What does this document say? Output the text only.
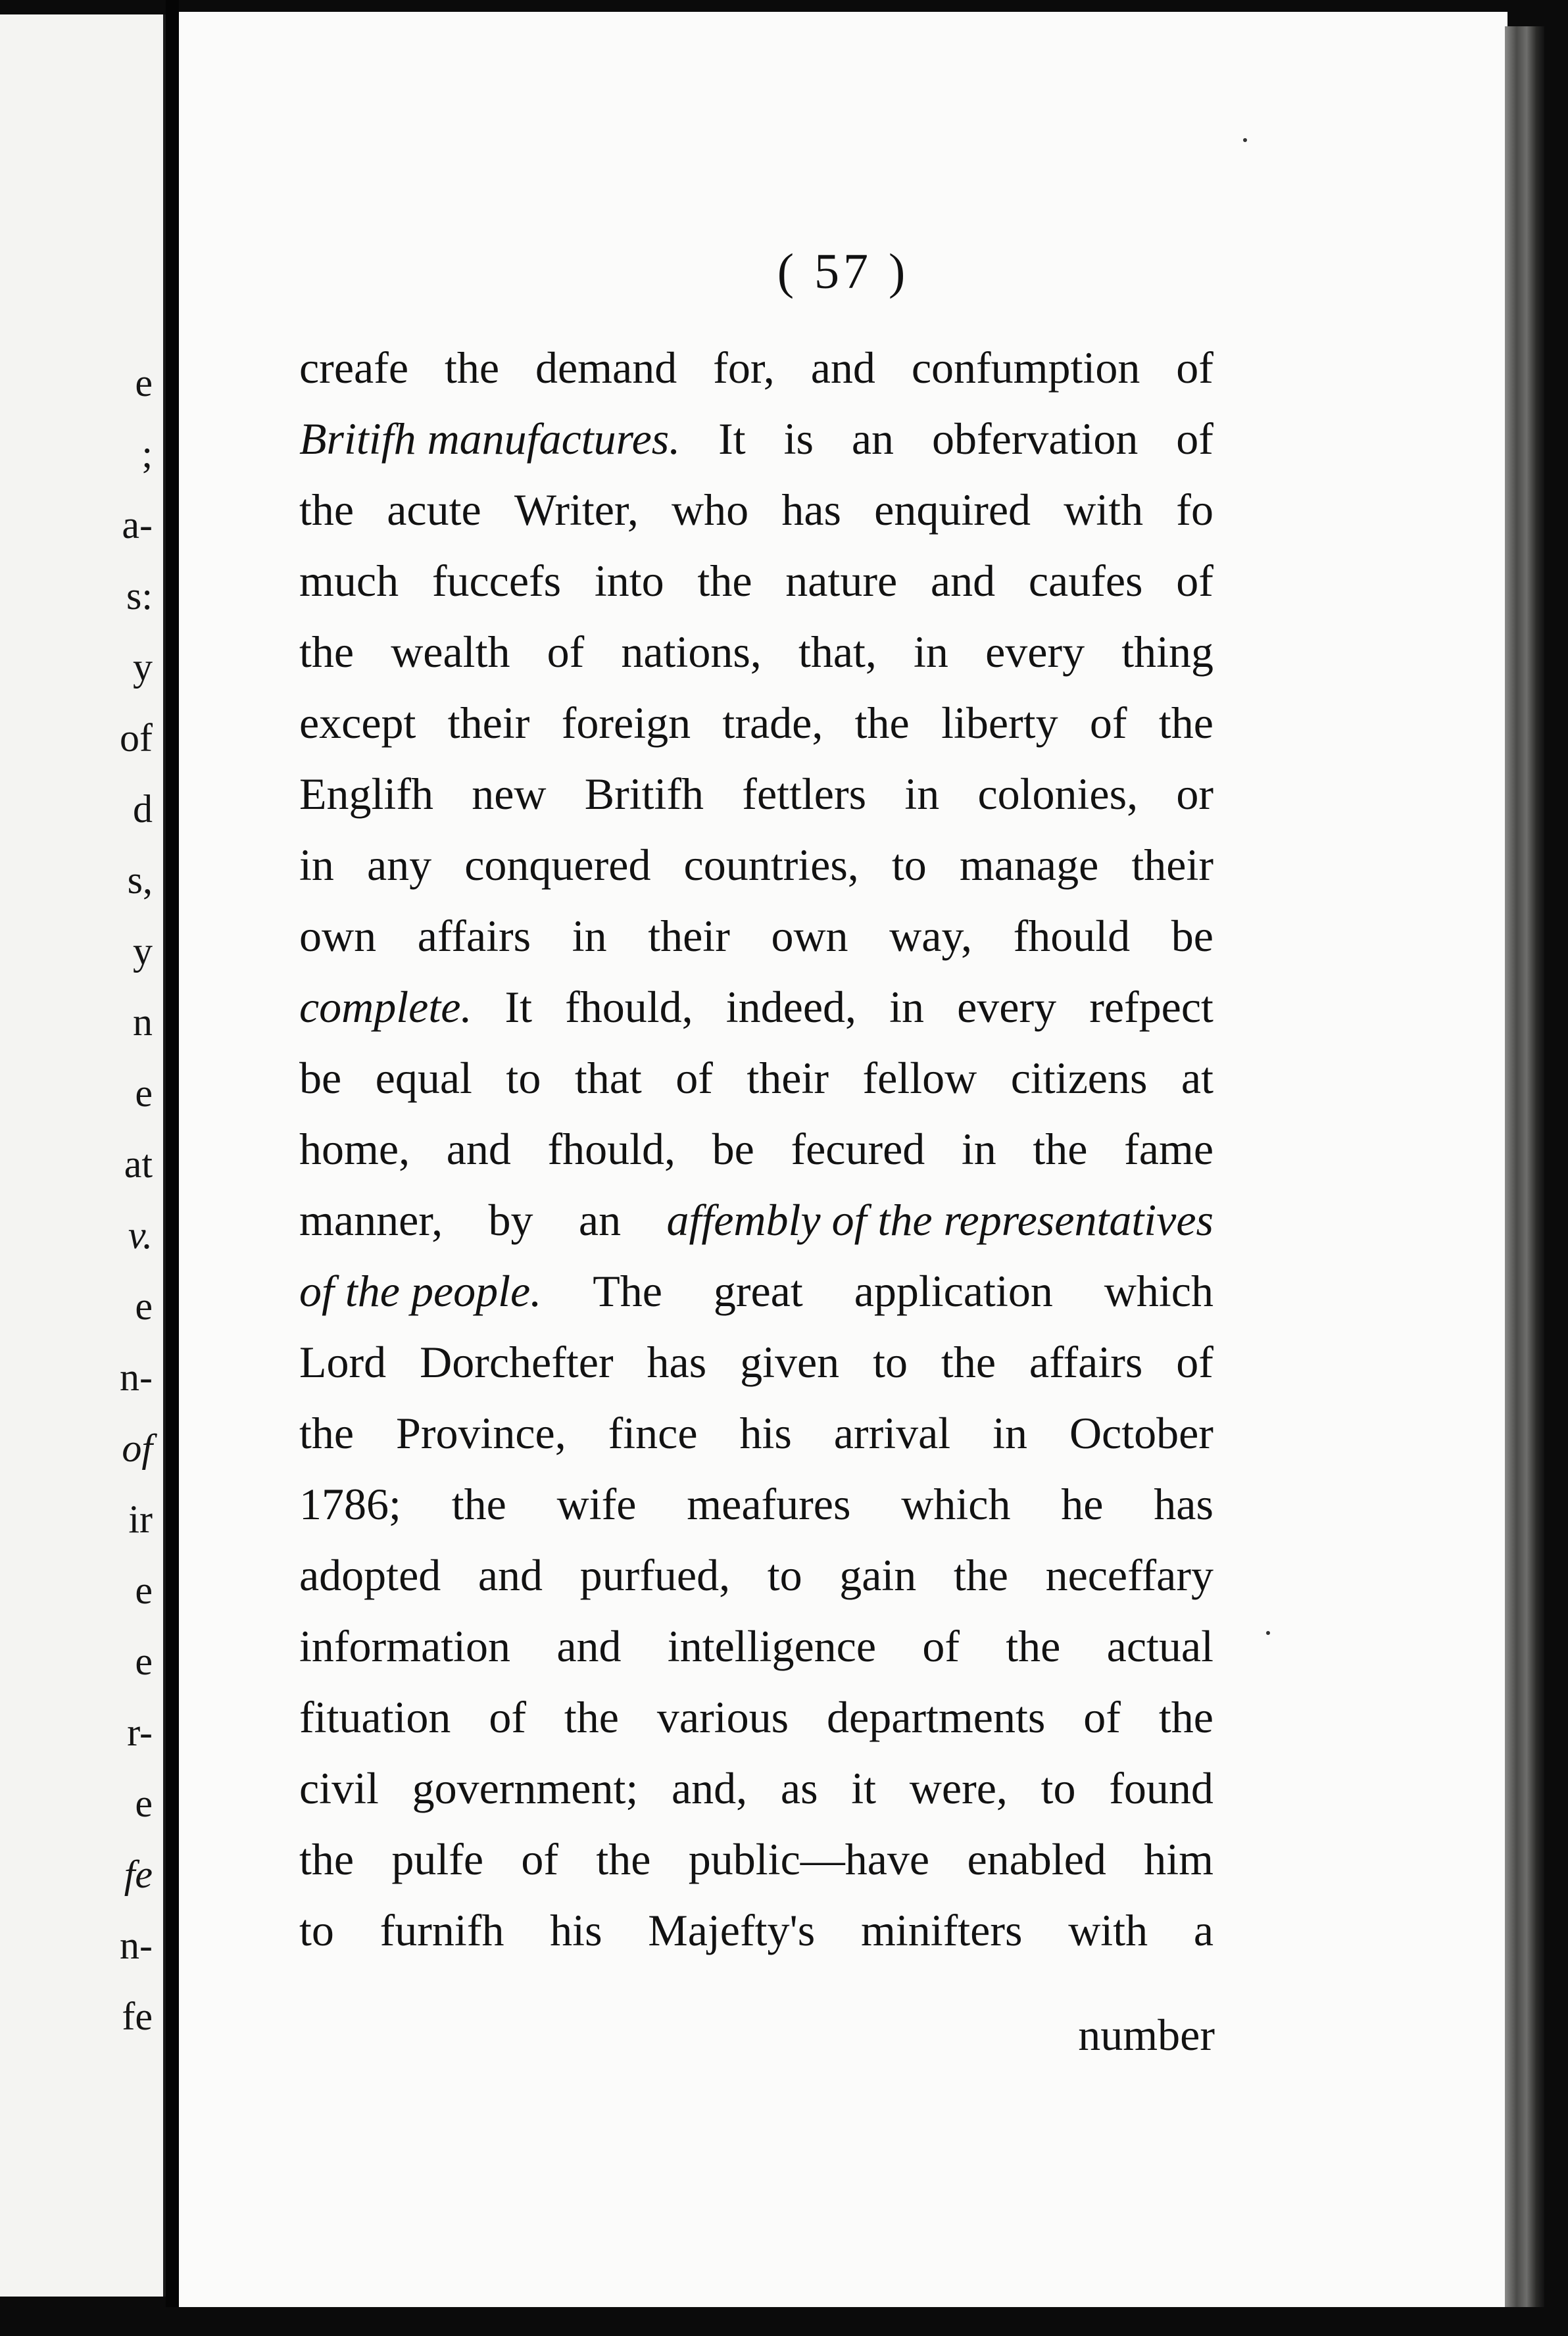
e
;
a-
s:
y
of
d
s,
y
n
e
at
v.
e
n-
of
ir
e
e
r-
e
fe
n-
fe
( 57 )
creafe the demand for, and confumption of
Britifh manufactures. It is an obfervation of
the acute Writer, who has enquired with fo
much fuccefs into the nature and caufes of
the wealth of nations, that, in every thing
except their foreign trade, the liberty of the
Englifh new Britifh fettlers in colonies, or
in any conquered countries, to manage their
own affairs in their own way, fhould be
complete. It fhould, indeed, in every refpect
be equal to that of their fellow citizens at
home, and fhould, be fecured in the fame
manner, by an affembly of the representatives
of the people. The great application which
Lord Dorchefter has given to the affairs of
the Province, fince his arrival in October
1786; the wife meafures which he has
adopted and purfued, to gain the neceffary
information and intelligence of the actual
fituation of the various departments of the
civil government; and, as it were, to found
the pulfe of the public—have enabled him
to furnifh his Majefty's minifters with a
number
